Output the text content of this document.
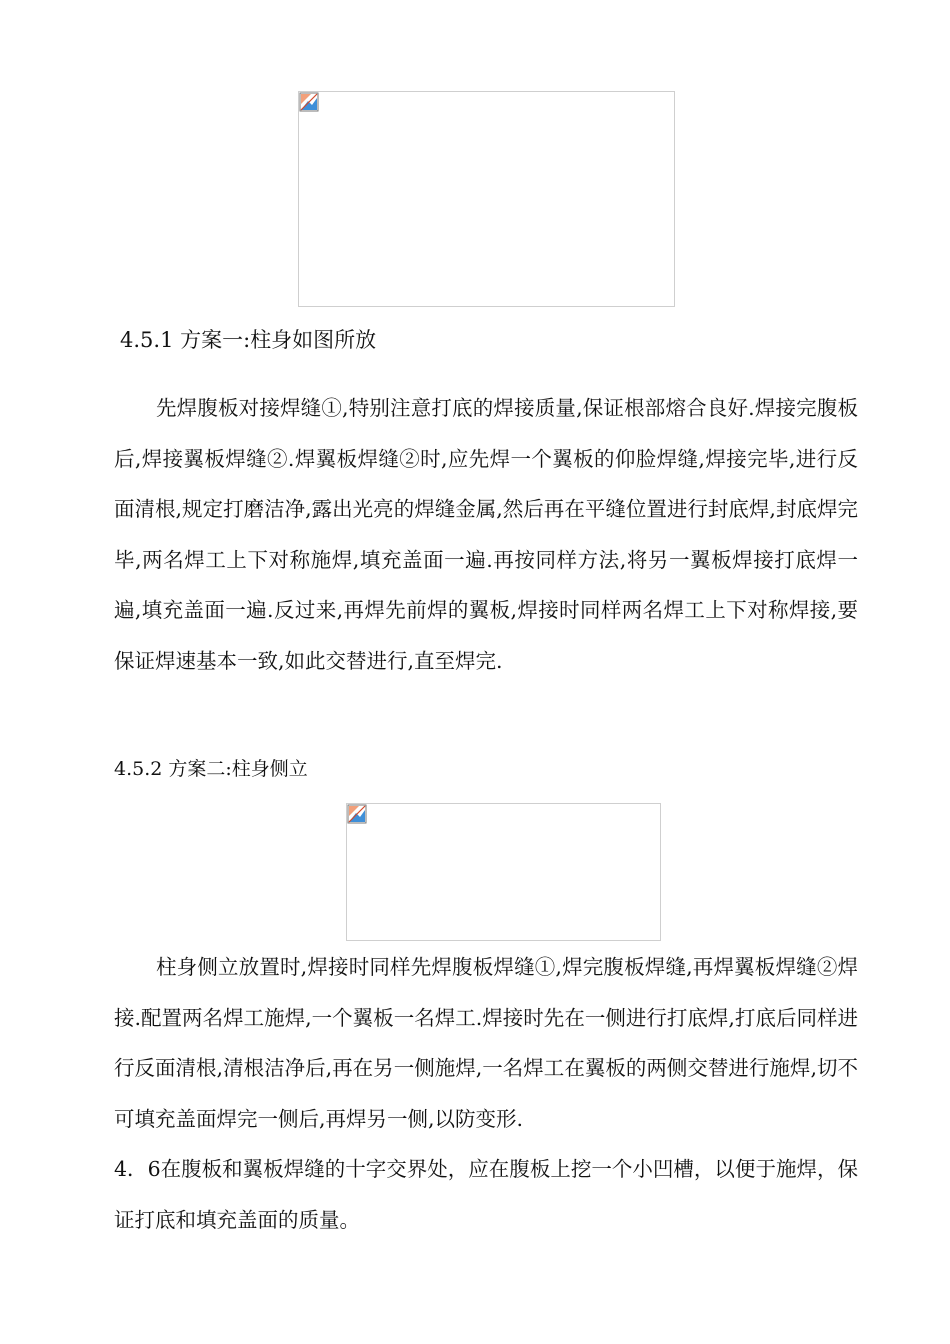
4.5.1 方案一:柱身如图所放

先焊腹板对接焊缝①,特别注意打底的焊接质量,保证根部熔合良好.焊接完腹板后,焊接翼板焊缝②.焊翼板焊缝②时,应先焊一个翼板的仰脸焊缝,焊接完毕,进行反面清根,规定打磨洁净,露出光亮的焊缝金属,然后再在平缝位置进行封底焊,封底焊完毕,两名焊工上下对称施焊,填充盖面一遍.再按同样方法,将另一翼板焊接打底焊一遍,填充盖面一遍.反过来,再焊先前焊的翼板,焊接时同样两名焊工上下对称焊接,要保证焊速基本一致,如此交替进行,直至焊完.

4.5.2 方案二:柱身侧立

柱身侧立放置时,焊接时同样先焊腹板焊缝①,焊完腹板焊缝,再焊翼板焊缝②焊接.配置两名焊工施焊,一个翼板一名焊工.焊接时先在一侧进行打底焊,打底后同样进行反面清根,清根洁净后,再在另一侧施焊,一名焊工在翼板的两侧交替进行施焊,切不可填充盖面焊完一侧后,再焊另一侧,以防变形.

4．6在腹板和翼板焊缝的十字交界处，应在腹板上挖一个小凹槽，以便于施焊，保证打底和填充盖面的质量。
